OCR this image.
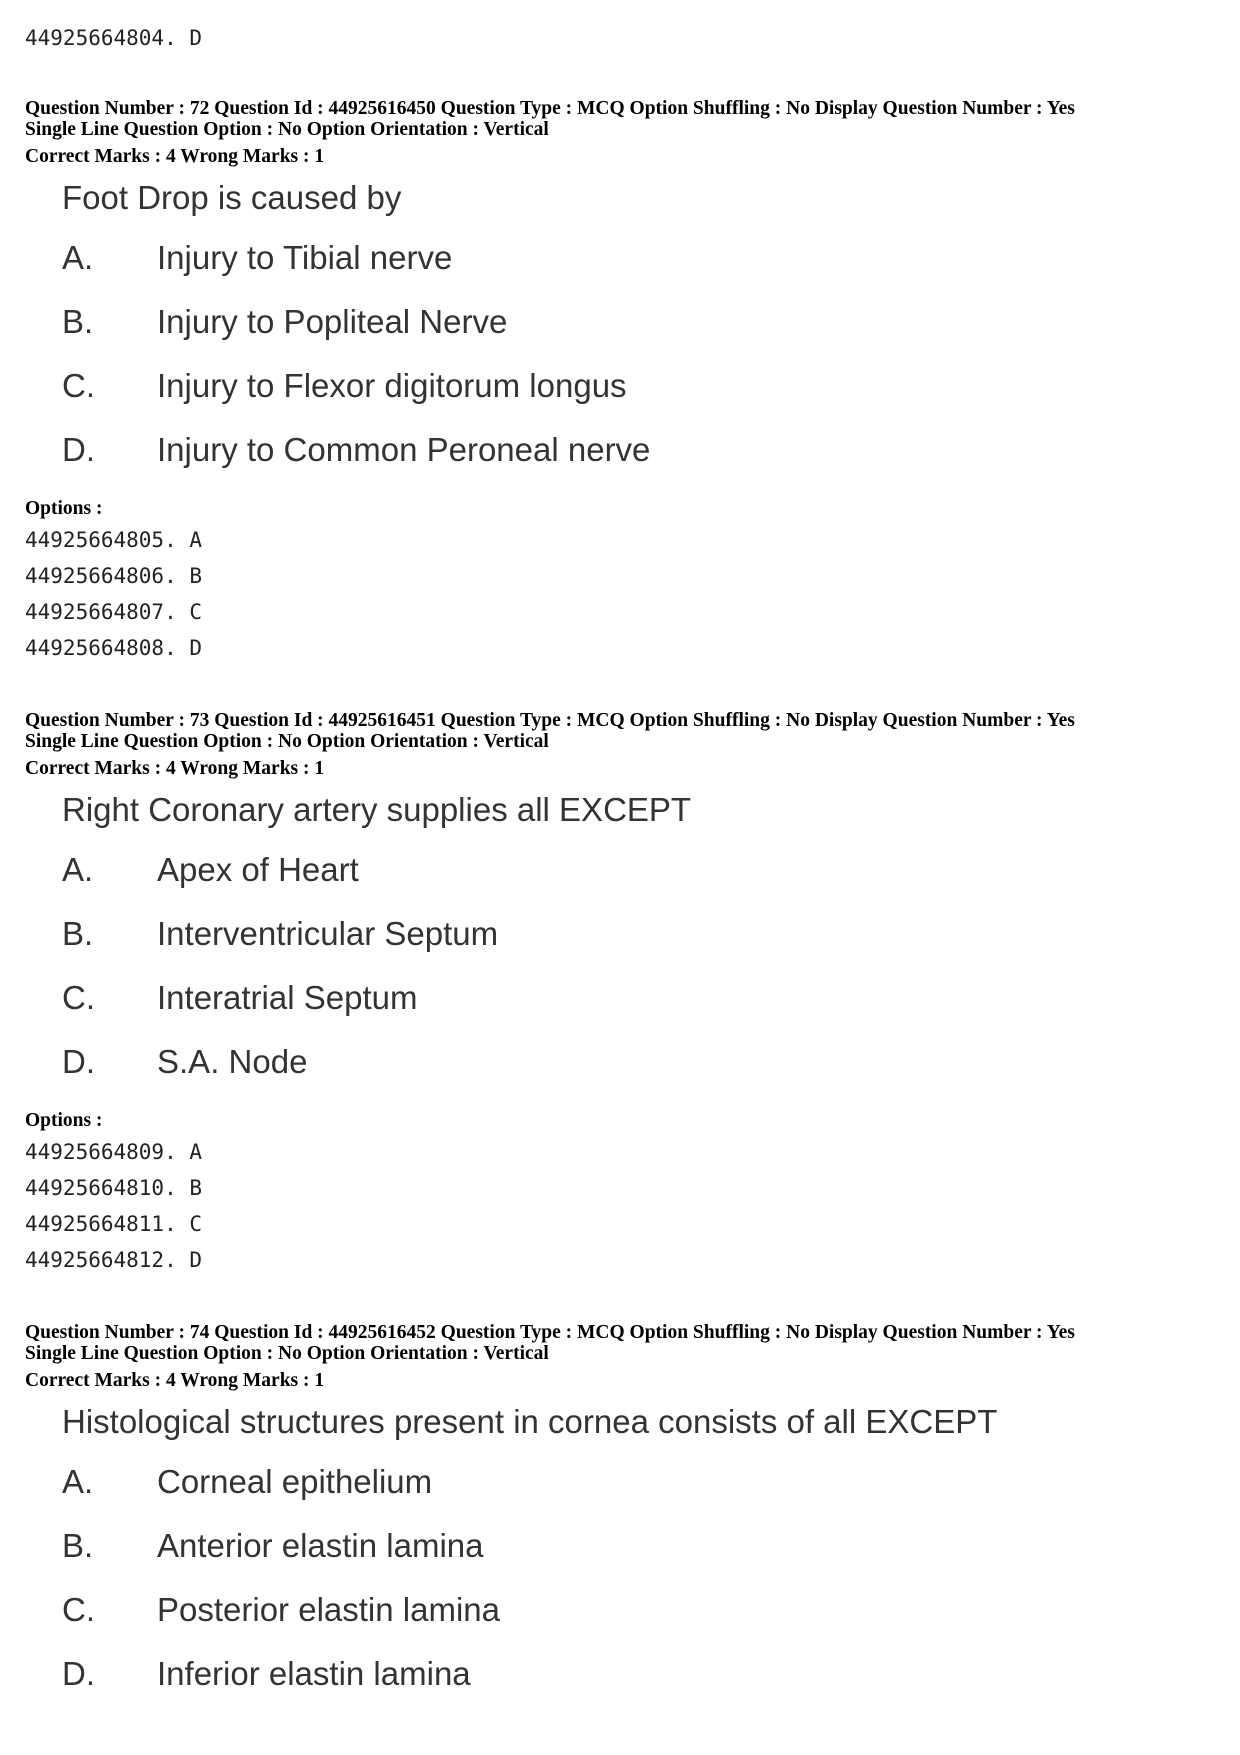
44925664804. D

Question Number : 72 Question Id : 44925616450 Question Type : MCQ Option Shuffling : No Display Question Number : Yes

Single Line Question Option : No Option Orientation : Vertical

Correct Marks : 4 Wrong Marks : 1

Foot Drop is caused by
A. Injury to Tibial nerve
B. Injury to Popliteal Nerve
C. Injury to Flexor digitorum longus
D. Injury to Common Peroneal nerve
Options :
44925664805. A
44925664806. B
44925664807. C
44925664808. D

Question Number : 73 Question Id : 44925616451 Question Type : MCQ Option Shuffling : No Display Question Number : Yes

Single Line Question Option : No Option Orientation : Vertical

Correct Marks : 4 Wrong Marks : 1

Right Coronary artery supplies all EXCEPT
A. Apex of Heart
B. Interventricular Septum
C. Interatrial Septum
D. S.A. Node
Options :
44925664809. A
44925664810. B
44925664811. C
44925664812. D

Question Number : 74 Question Id : 44925616452 Question Type : MCQ Option Shuffling : No Display Question Number : Yes

Single Line Question Option : No Option Orientation : Vertical

Correct Marks : 4 Wrong Marks : 1

Histological structures present in cornea consists of all EXCEPT
A. Corneal epithelium
B. Anterior elastin lamina
C. Posterior elastin lamina
D. Inferior elastin lamina
